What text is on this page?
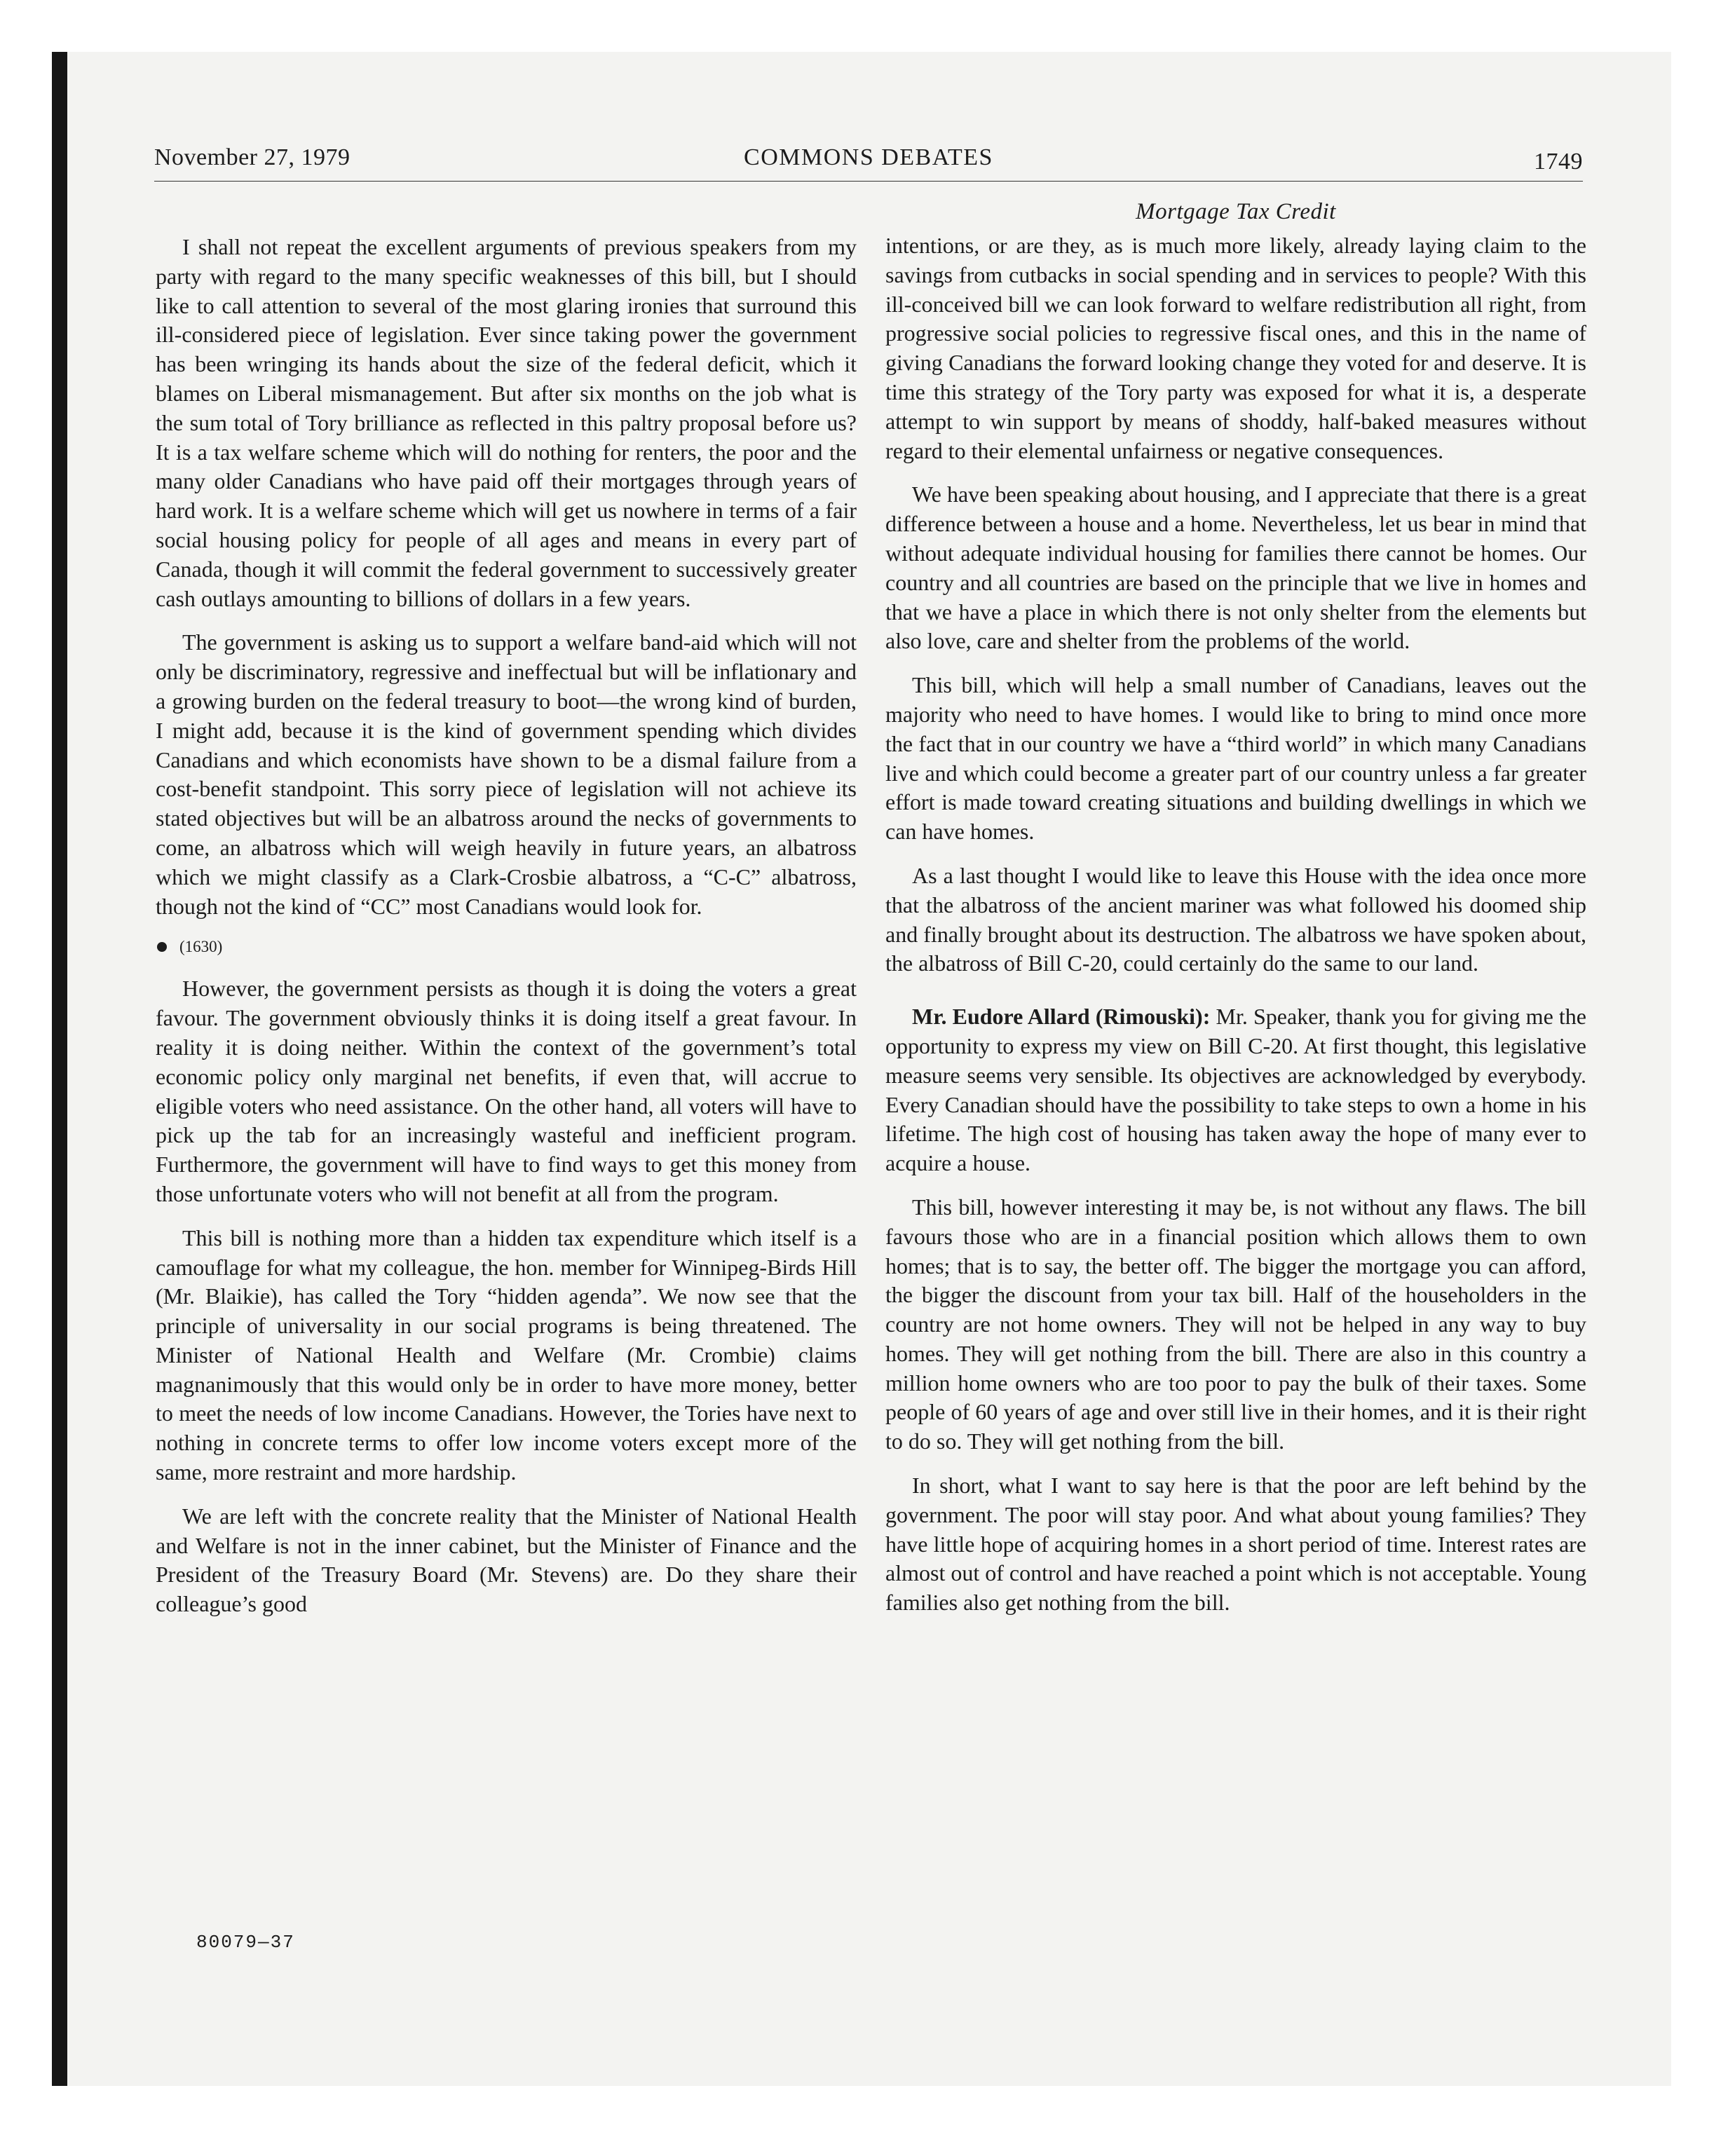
November 27, 1979	COMMONS DEBATES	1749

I shall not repeat the excellent arguments of previous speakers from my party with regard to the many specific weaknesses of this bill, but I should like to call attention to several of the most glaring ironies that surround this ill-considered piece of legislation. Ever since taking power the government has been wringing its hands about the size of the federal deficit, which it blames on Liberal mismanagement. But after six months on the job what is the sum total of Tory brilliance as reflected in this paltry proposal before us? It is a tax welfare scheme which will do nothing for renters, the poor and the many older Canadians who have paid off their mortgages through years of hard work. It is a welfare scheme which will get us nowhere in terms of a fair social housing policy for people of all ages and means in every part of Canada, though it will commit the federal government to successively greater cash outlays amounting to billions of dollars in a few years.

The government is asking us to support a welfare band-aid which will not only be discriminatory, regressive and ineffectual but will be inflationary and a growing burden on the federal treasury to boot—the wrong kind of burden, I might add, because it is the kind of government spending which divides Canadians and which economists have shown to be a dismal failure from a cost-benefit standpoint. This sorry piece of legislation will not achieve its stated objectives but will be an albatross around the necks of governments to come, an albatross which will weigh heavily in future years, an albatross which we might classify as a Clark-Crosbie albatross, a “C-C” albatross, though not the kind of “CC” most Canadians would look for.

(1630)

However, the government persists as though it is doing the voters a great favour. The government obviously thinks it is doing itself a great favour. In reality it is doing neither. Within the context of the government’s total economic policy only marginal net benefits, if even that, will accrue to eligible voters who need assistance. On the other hand, all voters will have to pick up the tab for an increasingly wasteful and inefficient program. Furthermore, the government will have to find ways to get this money from those unfortunate voters who will not benefit at all from the program.

This bill is nothing more than a hidden tax expenditure which itself is a camouflage for what my colleague, the hon. member for Winnipeg-Birds Hill (Mr. Blaikie), has called the Tory “hidden agenda”. We now see that the principle of universality in our social programs is being threatened. The Minister of National Health and Welfare (Mr. Crombie) claims magnanimously that this would only be in order to have more money, better to meet the needs of low income Canadians. However, the Tories have next to nothing in concrete terms to offer low income voters except more of the same, more restraint and more hardship.

We are left with the concrete reality that the Minister of National Health and Welfare is not in the inner cabinet, but the Minister of Finance and the President of the Treasury Board (Mr. Stevens) are. Do they share their colleague’s good

Mortgage Tax Credit

intentions, or are they, as is much more likely, already laying claim to the savings from cutbacks in social spending and in services to people? With this ill-conceived bill we can look forward to welfare redistribution all right, from progressive social policies to regressive fiscal ones, and this in the name of giving Canadians the forward looking change they voted for and deserve. It is time this strategy of the Tory party was exposed for what it is, a desperate attempt to win support by means of shoddy, half-baked measures without regard to their elemental unfairness or negative consequences.

We have been speaking about housing, and I appreciate that there is a great difference between a house and a home. Nevertheless, let us bear in mind that without adequate individual housing for families there cannot be homes. Our country and all countries are based on the principle that we live in homes and that we have a place in which there is not only shelter from the elements but also love, care and shelter from the problems of the world.

This bill, which will help a small number of Canadians, leaves out the majority who need to have homes. I would like to bring to mind once more the fact that in our country we have a “third world” in which many Canadians live and which could become a greater part of our country unless a far greater effort is made toward creating situations and building dwellings in which we can have homes.

As a last thought I would like to leave this House with the idea once more that the albatross of the ancient mariner was what followed his doomed ship and finally brought about its destruction. The albatross we have spoken about, the albatross of Bill C-20, could certainly do the same to our land.

Mr. Eudore Allard (Rimouski): Mr. Speaker, thank you for giving me the opportunity to express my view on Bill C-20. At first thought, this legislative measure seems very sensible. Its objectives are acknowledged by everybody. Every Canadian should have the possibility to take steps to own a home in his lifetime. The high cost of housing has taken away the hope of many ever to acquire a house.

This bill, however interesting it may be, is not without any flaws. The bill favours those who are in a financial position which allows them to own homes; that is to say, the better off. The bigger the mortgage you can afford, the bigger the discount from your tax bill. Half of the householders in the country are not home owners. They will not be helped in any way to buy homes. They will get nothing from the bill. There are also in this country a million home owners who are too poor to pay the bulk of their taxes. Some people of 60 years of age and over still live in their homes, and it is their right to do so. They will get nothing from the bill.

In short, what I want to say here is that the poor are left behind by the government. The poor will stay poor. And what about young families? They have little hope of acquiring homes in a short period of time. Interest rates are almost out of control and have reached a point which is not acceptable. Young families also get nothing from the bill.

80079—37
